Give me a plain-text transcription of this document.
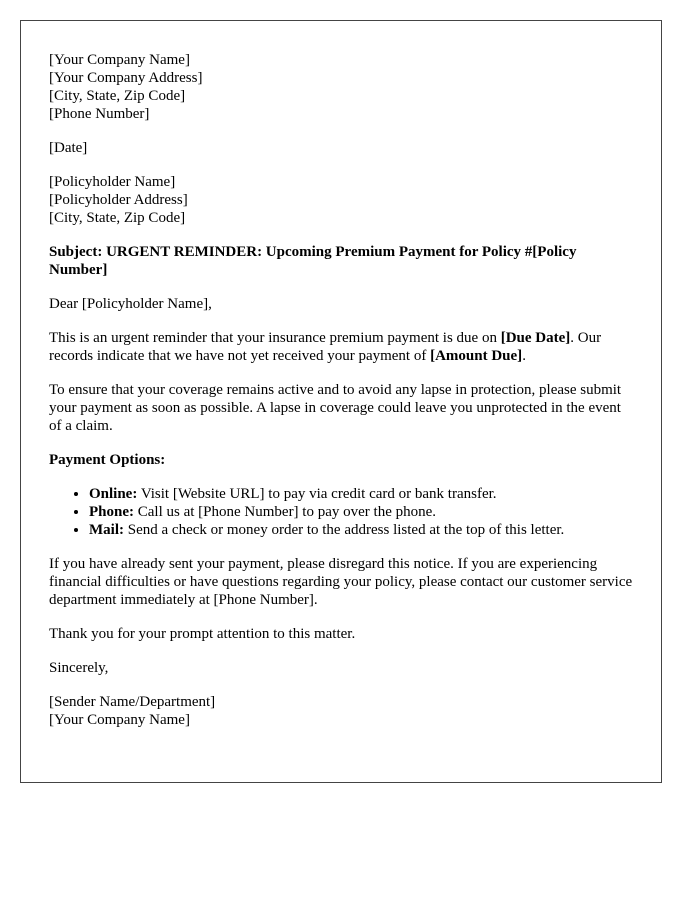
[Your Company Name]
[Your Company Address]
[City, State, Zip Code]
[Phone Number]

[Date]

[Policyholder Name]
[Policyholder Address]
[City, State, Zip Code]

Subject: URGENT REMINDER: Upcoming Premium Payment for Policy #[Policy Number]

Dear [Policyholder Name],

This is an urgent reminder that your insurance premium payment is due on [Due Date]. Our records indicate that we have not yet received your payment of [Amount Due].

To ensure that your coverage remains active and to avoid any lapse in protection, please submit your payment as soon as possible. A lapse in coverage could leave you unprotected in the event of a claim.

Payment Options:

• Online: Visit [Website URL] to pay via credit card or bank transfer.
• Phone: Call us at [Phone Number] to pay over the phone.
• Mail: Send a check or money order to the address listed at the top of this letter.

If you have already sent your payment, please disregard this notice. If you are experiencing financial difficulties or have questions regarding your policy, please contact our customer service department immediately at [Phone Number].

Thank you for your prompt attention to this matter.

Sincerely,

[Sender Name/Department]
[Your Company Name]
